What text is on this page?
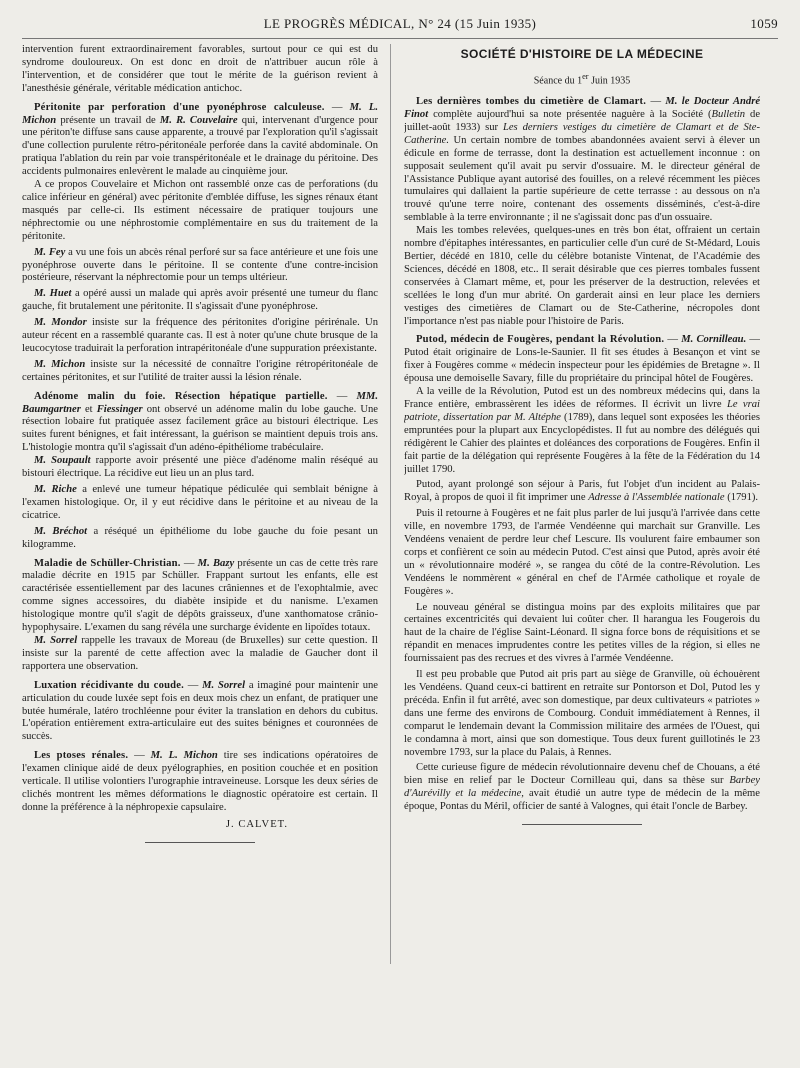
LE PROGRÈS MÉDICAL, N° 24 (15 Juin 1935)	1059

intervention furent extraordinairement favorables, surtout pour ce qui est du syndrome douloureux. On est donc en droit de n'attribuer aucun rôle à l'intervention, et de considérer que tout le mérite de la guérison revient à l'anesthésie générale, véritable médication antichoc.

Péritonite par perforation d'une pyonéphrose calculeuse. — M. L. Michon présente un travail de M. R. Couvelaire qui, intervenant d'urgence pour une périton'te diffuse sans cause apparente, a trouvé par l'exploration qu'il s'agissait d'une collection purulente rétro-péritonéale perforée dans la cavité abdominale. On pratiqua l'ablation du rein par voie transpéritonéale et le drainage du péritoine. Des accidents pulmonaires enlevèrent le malade au cinquième jour.

A ce propos Couvelaire et Michon ont rassemblé onze cas de perforations (du calice inférieur en général) avec péritonite d'emblée diffuse, les signes rénaux étant masqués par celle-ci. Ils estiment nécessaire de pratiquer toujours une néphrectomie ou une néphrostomie complémentaire en sus du traitement de la péritonite.

M. Fey a vu une fois un abcès rénal perforé sur sa face antérieure et une fois une pyonéphrose ouverte dans le péritoine. Il se contente d'une contre-incision postérieure, réservant la néphrectomie pour un temps ultérieur.

M. Huet a opéré aussi un malade qui après avoir présenté une tumeur du flanc gauche, fit brutalement une péritonite. Il s'agissait d'une pyonéphrose.

M. Mondor insiste sur la fréquence des péritonites d'origine périrénale. Un auteur récent en a rassemblé quarante cas. Il est à noter qu'une chute brusque de la leucocytose traduirait la perforation intrapéritonéale d'une suppuration préexistante.

M. Michon insiste sur la nécessité de connaître l'origine rétropéritonéale de certaines péritonites, et sur l'utilité de traiter aussi la lésion rénale.

Adénome malin du foie. Résection hépatique partielle. — MM. Baumgartner et Fiessinger ont observé un adénome malin du lobe gauche. Une résection lobaire fut pratiquée assez facilement grâce au bistouri électrique. Les suites furent bénignes, et fait intéressant, la guérison se maintient depuis trois ans. L'histologie montra qu'il s'agissait d'un adéno-épithéliome trabéculaire.

M. Soupault rapporte avoir présenté une pièce d'adénome malin réséqué au bistouri électrique. La récidive eut lieu un an plus tard.

M. Riche a enlevé une tumeur hépatique pédiculée qui semblait bénigne à l'examen histologique. Or, il y eut récidive dans le péritoine et au niveau de la cicatrice.

M. Bréchot a réséqué un épithéliome du lobe gauche du foie pesant un kilogramme.

Maladie de Schüller-Christian. — M. Bazy présente un cas de cette très rare maladie décrite en 1915 par Schüller. Frappant surtout les enfants, elle est caractérisée essentiellement par des lacunes crâniennes et de l'exophtalmie, avec comme signes accessoires, du diabète insipide et du nanisme. L'examen histologique montre qu'il s'agit de dépôts graisseux, d'une xanthomatose crânio-hypophysaire. L'examen du sang révéla une surcharge évidente en lipoïdes totaux.

M. Sorrel rappelle les travaux de Moreau (de Bruxelles) sur cette question. Il insiste sur la parenté de cette affection avec la maladie de Gaucher dont il rapportera une observation.

Luxation récidivante du coude. — M. Sorrel a imaginé pour maintenir une articulation du coude luxée sept fois en deux mois chez un enfant, de pratiquer une butée humérale, latéro trochléenne pour éviter la translation en dehors du cubitus. L'opération entièrement extra-articulaire eut des suites bénignes et couronnées de succès.

Les ptoses rénales. — M. L. Michon tire ses indications opératoires de l'examen clinique aidé de deux pyélographies, en position couchée et en position verticale. Il utilise volontiers l'urographie intraveineuse. Lorsque les deux séries de clichés montrent les mêmes déformations le diagnostic opératoire est certain. Il donne la préférence à la néphropexie capsulaire.

J. CALVET.

SOCIÉTÉ D'HISTOIRE DE LA MÉDECINE

Séance du 1er Juin 1935

Les dernières tombes du cimetière de Clamart. — M. le Docteur André Finot complète aujourd'hui sa note présentée naguère à la Société (Bulletin de juillet-août 1933) sur Les derniers vestiges du cimetière de Clamart et de Ste-Catherine. Un certain nombre de tombes abandonnées avaient servi à élever un édicule en forme de terrasse, dont la destination est actuellement inconnue : on supposait seulement qu'il avait pu servir d'ossuaire. M. le directeur général de l'Assistance Publique ayant autorisé des fouilles, on a relevé récemment les pièces tumulaires qui dallaient la partie supérieure de cette terrasse : au dessous on n'a trouvé qu'une terre noire, contenant des ossements disséminés, c'est-à-dire semblable à la terre environnante ; il ne s'agissait donc pas d'un ossuaire.

Mais les tombes relevées, quelques-unes en très bon état, offraient un certain nombre d'épitaphes intéressantes, en particulier celle d'un curé de St-Médard, Louis Bertier, décédé en 1810, celle du célèbre botaniste Vintenat, de l'Académie des Sciences, décédé en 1808, etc.. Il serait désirable que ces pierres tombales fussent conservées à Clamart même, et, pour les préserver de la destruction, relevées et scellées le long d'un mur abrité. On garderait ainsi en leur place les derniers vestiges des cimetières de Clamart ou de Ste-Catherine, nécropoles dont l'importance n'est pas niable pour l'histoire de Paris.

Putod, médecin de Fougères, pendant la Révolution. — M. Cornilleau. — Putod était originaire de Lons-le-Saunier. Il fit ses études à Besançon et vint se fixer à Fougères comme « médecin inspecteur pour les épidémies de Bretagne ». Il épousa une demoiselle Savary, fille du propriétaire du principal hôtel de Fougères.

A la veille de la Révolution, Putod est un des nombreux médecins qui, dans la France entière, embrassèrent les idées de réformes. Il écrivit un livre Le vrai patriote, dissertation par M. Altéphe (1789), dans lequel sont exposées les théories empruntées pour la plupart aux Encyclopédistes. Il fut au nombre des délégués qui rédigèrent le Cahier des plaintes et doléances des corporations de Fougères. Enfin il fait partie de la délégation qui représente Fougères à la fête de la Fédération du 14 juillet 1790.

Putod, ayant prolongé son séjour à Paris, fut l'objet d'un incident au Palais-Royal, à propos de quoi il fit imprimer une Adresse à l'Assemblée nationale (1791).

Puis il retourne à Fougères et ne fait plus parler de lui jusqu'à l'arrivée dans cette ville, en novembre 1793, de l'armée Vendéenne qui marchait sur Granville. Les Vendéens venaient de perdre leur chef Lescure. Ils voulurent faire embaumer son corps et confièrent ce soin au médecin Putod. C'est ainsi que Putod, après avoir été un « révolutionnaire modéré », se rangea du côté de la contre-Révolution. Les Vendéens le nommèrent « général en chef de l'Armée catholique et royale de Fougères ».

Le nouveau général se distingua moins par des exploits militaires que par certaines excentricités qui devaient lui coûter cher. Il harangua les Fougerois du haut de la chaire de l'église Saint-Léonard. Il signa force bons de réquisitions et se répandit en menaces imprudentes contre les petites villes de la région, si elles ne fournissaient pas des recrues et des vivres à l'armée Vendéenne.

Il est peu probable que Putod ait pris part au siège de Granville, où échouèrent les Vendéens. Quand ceux-ci battirent en retraite sur Pontorson et Dol, Putod les y précéda. Enfin il fut arrêté, avec son domestique, par deux cultivateurs « patriotes » dans une ferme des environs de Combourg. Conduit immédiatement à Rennes, il comparut le lendemain devant la Commission militaire des armées de l'Ouest, qui le condamna à mort, ainsi que son domestique. Tous deux furent guillotinés le 23 novembre 1793, sur la place du Palais, à Rennes.

Cette curieuse figure de médecin révolutionnaire devenu chef de Chouans, a été bien mise en relief par le Docteur Cornilleau qui, dans sa thèse sur Barbey d'Aurévilly et la médecine, avait étudié un autre type de médecin de la même époque, Pontas du Méril, officier de santé à Valognes, qui était l'oncle de Barbey.
